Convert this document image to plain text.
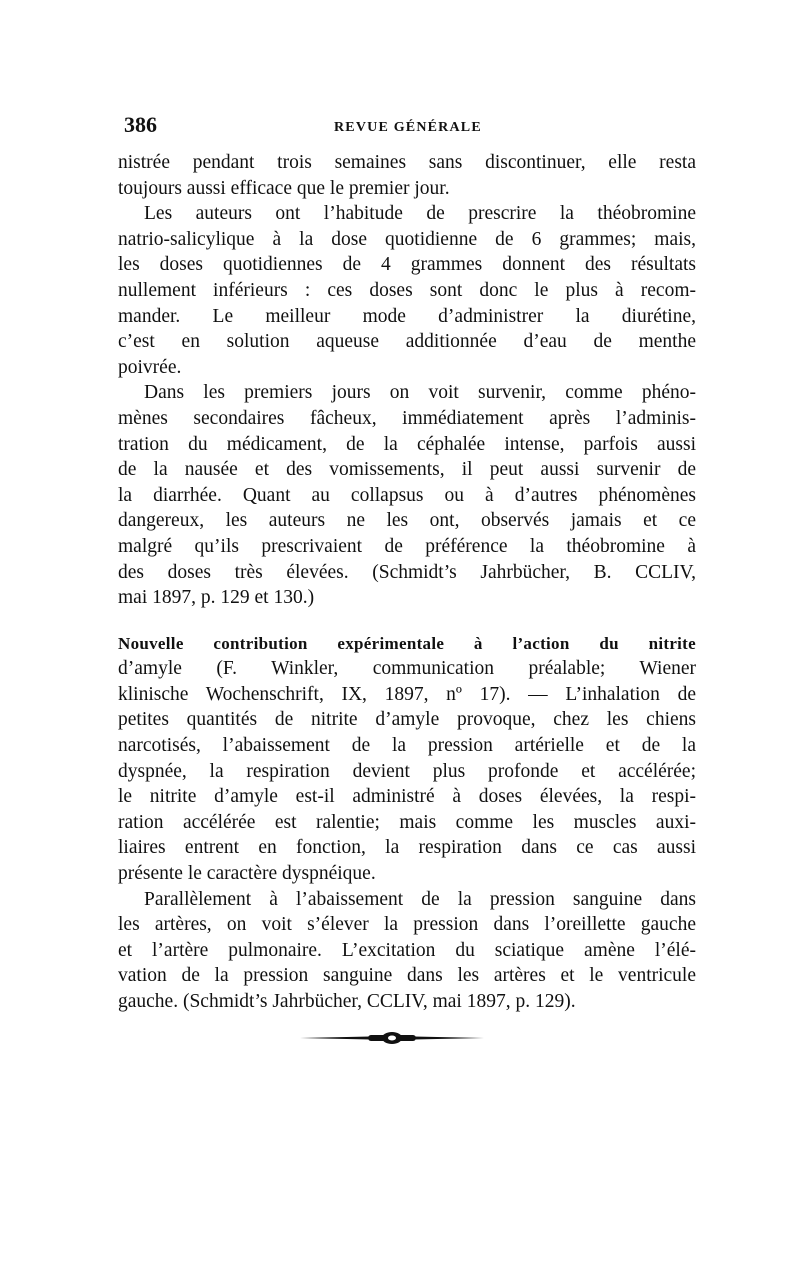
386	REVUE GÉNÉRALE
nistrée pendant trois semaines sans discontinuer, elle resta
toujours aussi efficace que le premier jour.
Les auteurs ont l’habitude de prescrire la théobromine
natrio-salicylique à la dose quotidienne de 6 grammes; mais,
les doses quotidiennes de 4 grammes donnent des résultats
nullement inférieurs : ces doses sont donc le plus à recom-
mander. Le meilleur mode d’administrer la diurétine,
c’est en solution aqueuse additionnée d’eau de menthe
poivrée.
Dans les premiers jours on voit survenir, comme phéno-
mènes secondaires fâcheux, immédiatement après l’adminis-
tration du médicament, de la céphalée intense, parfois aussi
de la nausée et des vomissements, il peut aussi survenir de
la diarrhée. Quant au collapsus ou à d’autres phénomènes
dangereux, les auteurs ne les ont, observés jamais et ce
malgré qu’ils prescrivaient de préférence la théobromine à
des doses très élevées. (Schmidt’s Jahrbücher, B. CCLIV,
mai 1897, p. 129 et 130.)
Nouvelle contribution expérimentale à l’action du nitrite
d’amyle (F. Winkler, communication préalable; Wiener
klinische Wochenschrift, IX, 1897, nº 17). — L’inhalation de
petites quantités de nitrite d’amyle provoque, chez les chiens
narcotisés, l’abaissement de la pression artérielle et de la
dyspnée, la respiration devient plus profonde et accélérée;
le nitrite d’amyle est-il administré à doses élevées, la respi-
ration accélérée est ralentie; mais comme les muscles auxi-
liaires entrent en fonction, la respiration dans ce cas aussi
présente le caractère dyspnéique.
Parallèlement à l’abaissement de la pression sanguine dans
les artères, on voit s’élever la pression dans l’oreillette gauche
et l’artère pulmonaire. L’excitation du sciatique amène l’élé-
vation de la pression sanguine dans les artères et le ventricule
gauche. (Schmidt’s Jahrbücher, CCLIV, mai 1897, p. 129).
